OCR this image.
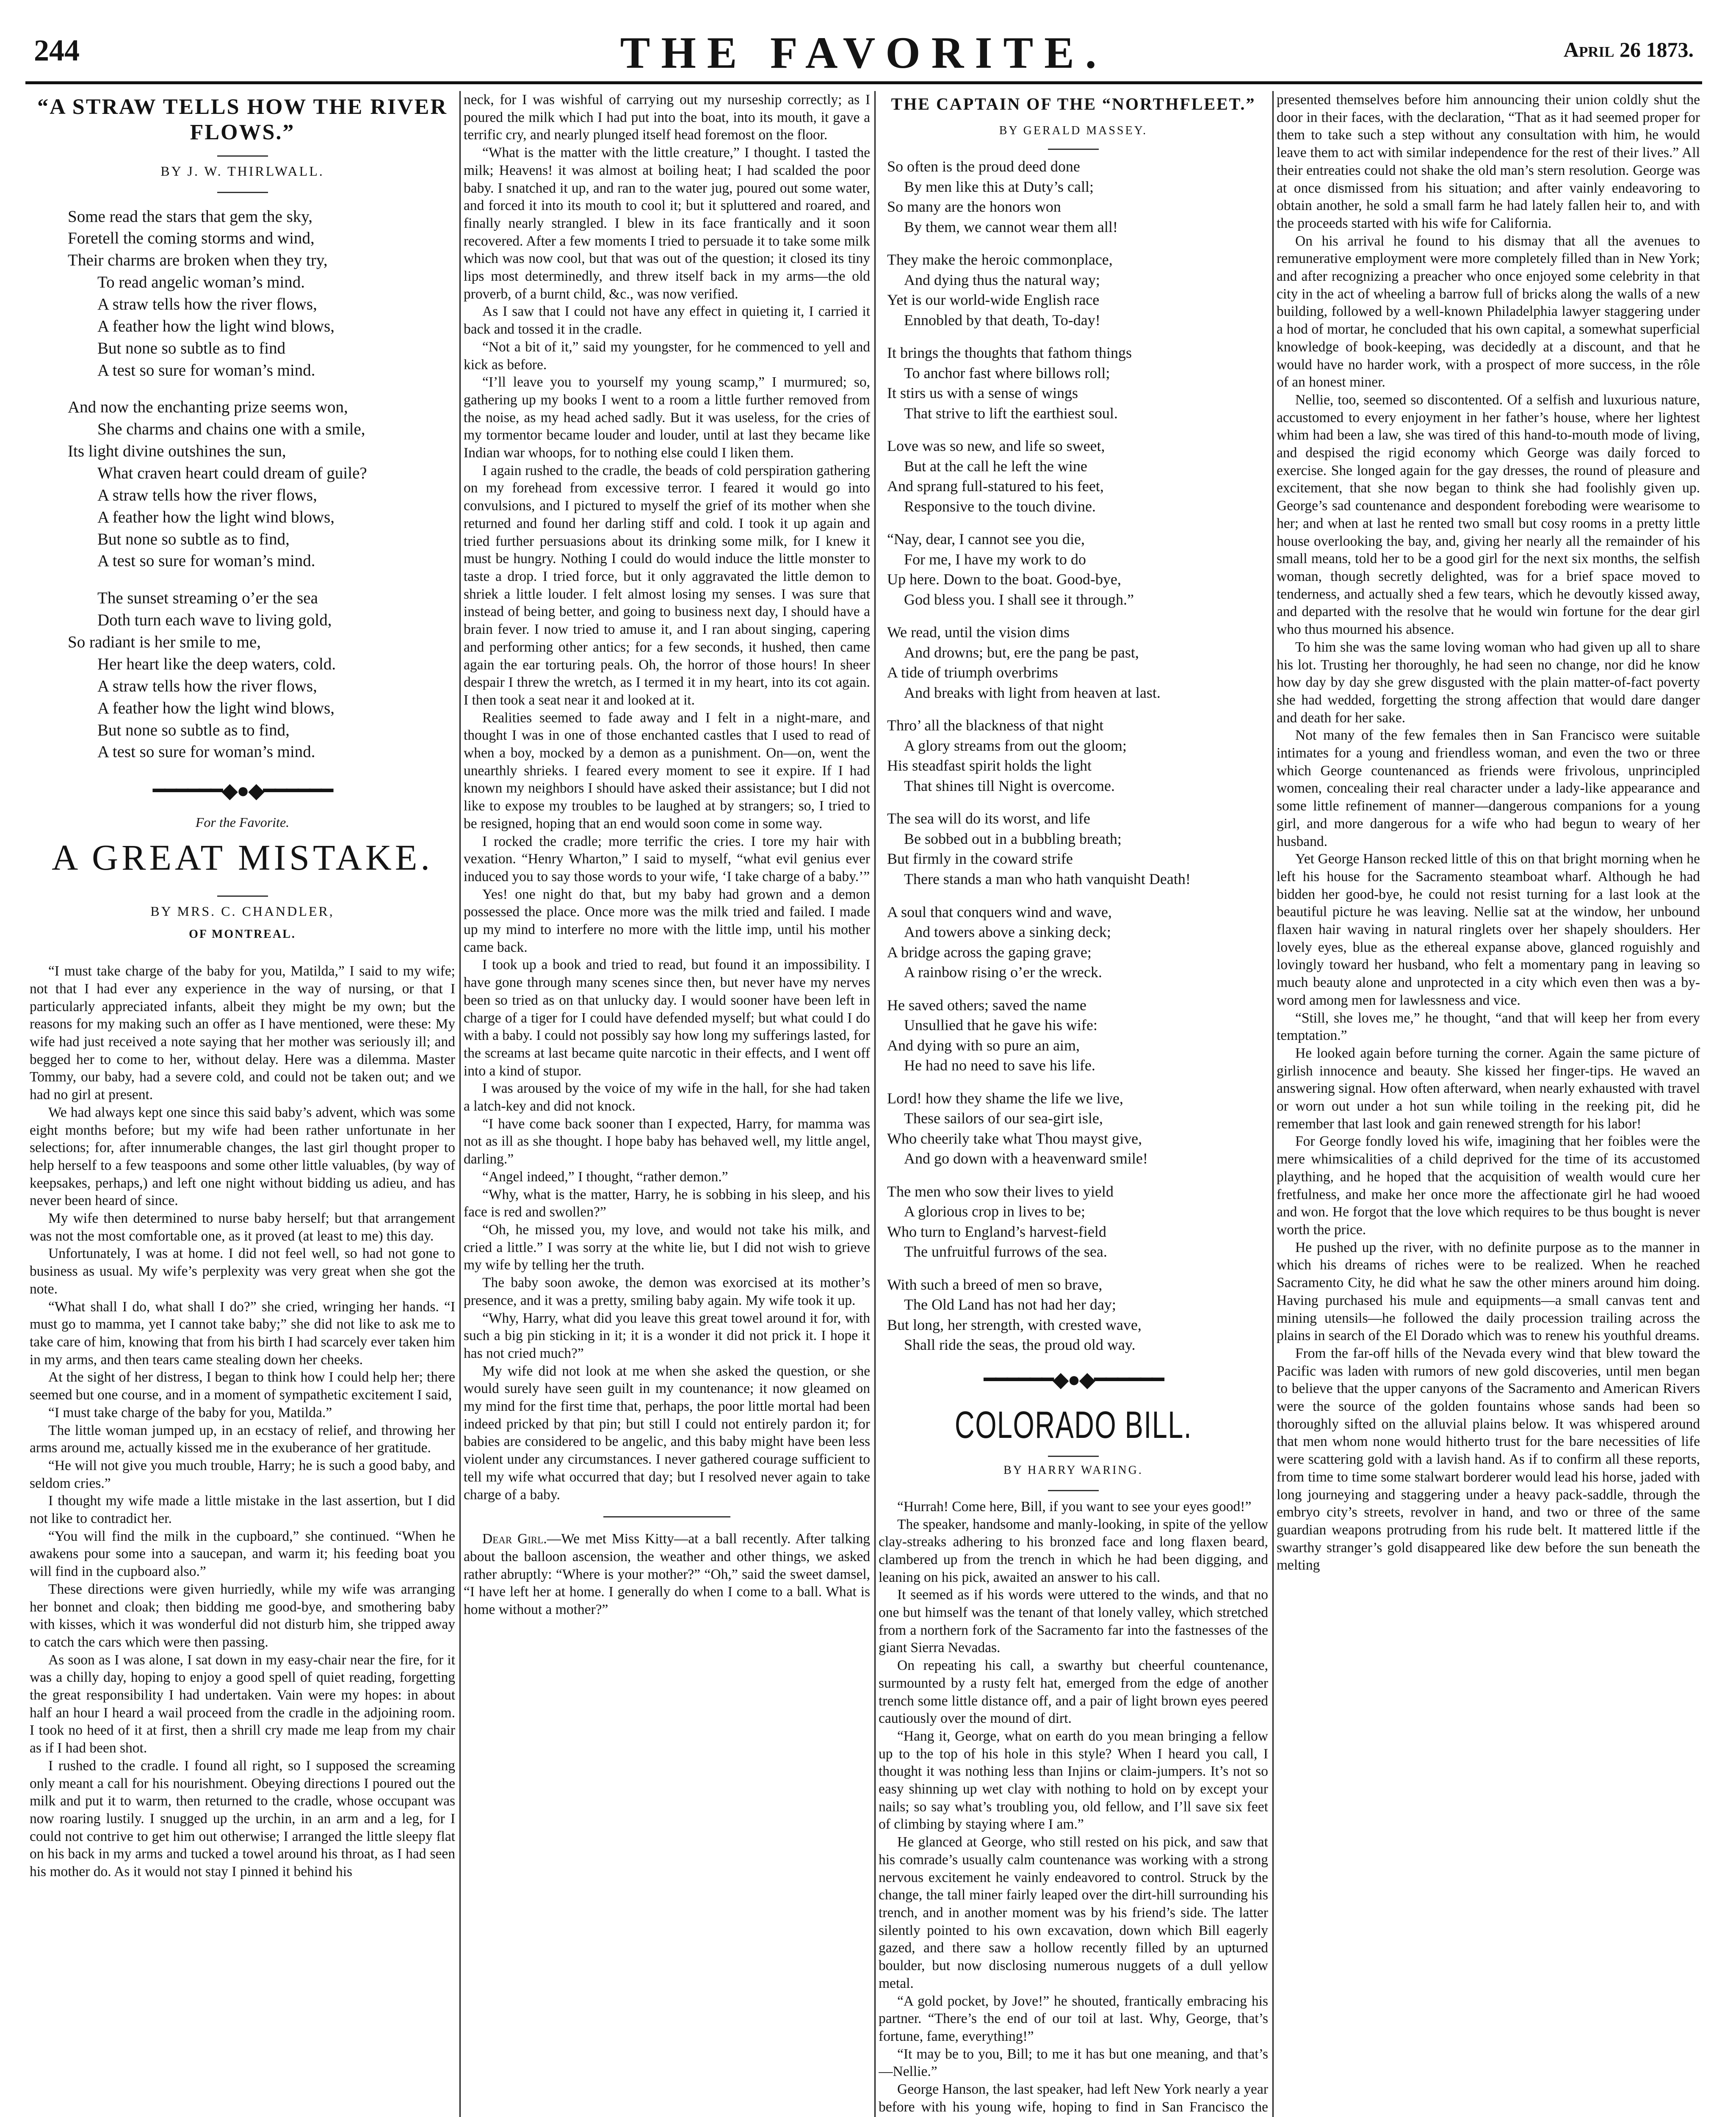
244	THE FAVORITE.	April 26 1873.
“A STRAW TELLS HOW THE RIVER FLOWS.”
BY J. W. THIRLWALL.

Some read the stars that gem the sky,
Foretell the coming storms and wind,
Their charms are broken when they try,
To read angelic woman’s mind.
A straw tells how the river flows,
A feather how the light wind blows,
But none so subtle as to find
A test so sure for woman’s mind.

And now the enchanting prize seems won,
She charms and chains one with a smile,
Its light divine outshines the sun,
What craven heart could dream of guile?
A straw tells how the river flows,
A feather how the light wind blows,
But none so subtle as to find,
A test so sure for woman’s mind.

The sunset streaming o’er the sea
Doth turn each wave to living gold,
So radiant is her smile to me,
Her heart like the deep waters, cold.
A straw tells how the river flows,
A feather how the light wind blows,
But none so subtle as to find,
A test so sure for woman’s mind.

━━━━━━◆●◆━━━━━━
For the Favorite.
A GREAT MISTAKE.
BY MRS. C. CHANDLER,
OF MONTREAL.

“I must take charge of the baby for you, Matilda,” I said to my wife; not that I had ever any experience in the way of nursing, or that I particularly appreciated infants, albeit they might be my own; but the reasons for my making such an offer as I have mentioned, were these: My wife had just received a note saying that her mother was seriously ill; and begged her to come to her, without delay. Here was a dilemma. Master Tommy, our baby, had a severe cold, and could not be taken out; and we had no girl at present.

We had always kept one since this said baby’s advent, which was some eight months before; but my wife had been rather unfortunate in her selections; for, after innumerable changes, the last girl thought proper to help herself to a few teaspoons and some other little valuables, (by way of keepsakes, perhaps,) and left one night without bidding us adieu, and has never been heard of since.

My wife then determined to nurse baby herself; but that arrangement was not the most comfortable one, as it proved (at least to me) this day.

Unfortunately, I was at home. I did not feel well, so had not gone to business as usual. My wife’s perplexity was very great when she got the note.

“What shall I do, what shall I do?” she cried, wringing her hands. “I must go to mamma, yet I cannot take baby;” she did not like to ask me to take care of him, knowing that from his birth I had scarcely ever taken him in my arms, and then tears came stealing down her cheeks.

At the sight of her distress, I began to think how I could help her; there seemed but one course, and in a moment of sympathetic excitement I said,

“I must take charge of the baby for you, Matilda.”

The little woman jumped up, in an ecstacy of relief, and throwing her arms around me, actually kissed me in the exuberance of her gratitude.

“He will not give you much trouble, Harry; he is such a good baby, and seldom cries.”

I thought my wife made a little mistake in the last assertion, but I did not like to contradict her.

“You will find the milk in the cupboard,” she continued. “When he awakens pour some into a saucepan, and warm it; his feeding boat you will find in the cupboard also.”

These directions were given hurriedly, while my wife was arranging her bonnet and cloak; then bidding me good-bye, and smothering baby with kisses, which it was wonderful did not disturb him, she tripped away to catch the cars which were then passing.

As soon as I was alone, I sat down in my easy-chair near the fire, for it was a chilly day, hoping to enjoy a good spell of quiet reading, forgetting the great responsibility I had undertaken. Vain were my hopes: in about half an hour I heard a wail proceed from the cradle in the adjoining room. I took no heed of it at first, then a shrill cry made me leap from my chair as if I had been shot.

I rushed to the cradle. I found all right, so I supposed the screaming only meant a call for his nourishment. Obeying directions I poured out the milk and put it to warm, then returned to the cradle, whose occupant was now roaring lustily. I snugged up the urchin, in an arm and a leg, for I could not contrive to get him out otherwise; I arranged the little sleepy flat on his back in my arms and tucked a towel around his throat, as I had seen his mother do. As it would not stay I pinned it behind his

neck, for I was wishful of carrying out my nurseship correctly; as I poured the milk which I had put into the boat, into its mouth, it gave a terrific cry, and nearly plunged itself head foremost on the floor.

“What is the matter with the little creature,” I thought. I tasted the milk; Heavens! it was almost at boiling heat; I had scalded the poor baby. I snatched it up, and ran to the water jug, poured out some water, and forced it into its mouth to cool it; but it spluttered and roared, and finally nearly strangled. I blew in its face frantically and it soon recovered. After a few moments I tried to persuade it to take some milk which was now cool, but that was out of the question; it closed its tiny lips most determinedly, and threw itself back in my arms—the old proverb, of a burnt child, &c., was now verified.

As I saw that I could not have any effect in quieting it, I carried it back and tossed it in the cradle.

“Not a bit of it,” said my youngster, for he commenced to yell and kick as before.

“I’ll leave you to yourself my young scamp,” I murmured; so, gathering up my books I went to a room a little further removed from the noise, as my head ached sadly. But it was useless, for the cries of my tormentor became louder and louder, until at last they became like Indian war whoops, for to nothing else could I liken them.

I again rushed to the cradle, the beads of cold perspiration gathering on my forehead from excessive terror. I feared it would go into convulsions, and I pictured to myself the grief of its mother when she returned and found her darling stiff and cold. I took it up again and tried further persuasions about its drinking some milk, for I knew it must be hungry. Nothing I could do would induce the little monster to taste a drop. I tried force, but it only aggravated the little demon to shriek a little louder. I felt almost losing my senses. I was sure that instead of being better, and going to business next day, I should have a brain fever. I now tried to amuse it, and I ran about singing, capering and performing other antics; for a few seconds, it hushed, then came again the ear torturing peals. Oh, the horror of those hours! In sheer despair I threw the wretch, as I termed it in my heart, into its cot again. I then took a seat near it and looked at it.

Realities seemed to fade away and I felt in a night-mare, and thought I was in one of those enchanted castles that I used to read of when a boy, mocked by a demon as a punishment. On—on, went the unearthly shrieks. I feared every moment to see it expire. If I had known my neighbors I should have asked their assistance; but I did not like to expose my troubles to be laughed at by strangers; so, I tried to be resigned, hoping that an end would soon come in some way.

I rocked the cradle; more terrific the cries. I tore my hair with vexation. “Henry Wharton,” I said to myself, “what evil genius ever induced you to say those words to your wife, ‘I take charge of a baby.’”

Yes! one night do that, but my baby had grown and a demon possessed the place. Once more was the milk tried and failed. I made up my mind to interfere no more with the little imp, until his mother came back.

I took up a book and tried to read, but found it an impossibility. I have gone through many scenes since then, but never have my nerves been so tried as on that unlucky day. I would sooner have been left in charge of a tiger for I could have defended myself; but what could I do with a baby. I could not possibly say how long my sufferings lasted, for the screams at last became quite narcotic in their effects, and I went off into a kind of stupor.

I was aroused by the voice of my wife in the hall, for she had taken a latch-key and did not knock.

“I have come back sooner than I expected, Harry, for mamma was not as ill as she thought. I hope baby has behaved well, my little angel, darling.”

“Angel indeed,” I thought, “rather demon.”

“Why, what is the matter, Harry, he is sobbing in his sleep, and his face is red and swollen?”

“Oh, he missed you, my love, and would not take his milk, and cried a little.” I was sorry at the white lie, but I did not wish to grieve my wife by telling her the truth.

The baby soon awoke, the demon was exorcised at its mother’s presence, and it was a pretty, smiling baby again. My wife took it up.

“Why, Harry, what did you leave this great towel around it for, with such a big pin sticking in it; it is a wonder it did not prick it. I hope it has not cried much?”

My wife did not look at me when she asked the question, or she would surely have seen guilt in my countenance; it now gleamed on my mind for the first time that, perhaps, the poor little mortal had been indeed pricked by that pin; but still I could not entirely pardon it; for babies are considered to be angelic, and this baby might have been less violent under any circumstances. I never gathered courage sufficient to tell my wife what occurred that day; but I resolved never again to take charge of a baby.

Dear Girl.—We met Miss Kitty—at a ball recently. After talking about the balloon ascension, the weather and other things, we asked rather abruptly: “Where is your mother?” “Oh,” said the sweet damsel, “I have left her at home. I generally do when I come to a ball. What is home without a mother?”

THE CAPTAIN OF THE “NORTHFLEET.”
BY GERALD MASSEY.

So often is the proud deed done
By men like this at Duty’s call;
So many are the honors won
By them, we cannot wear them all!

They make the heroic commonplace,
And dying thus the natural way;
Yet is our world-wide English race
Ennobled by that death, To-day!

It brings the thoughts that fathom things
To anchor fast where billows roll;
It stirs us with a sense of wings
That strive to lift the earthiest soul.

Love was so new, and life so sweet,
But at the call he left the wine
And sprang full-statured to his feet,
Responsive to the touch divine.

“Nay, dear, I cannot see you die,
For me, I have my work to do
Up here. Down to the boat. Good-bye,
God bless you. I shall see it through.”

We read, until the vision dims
And drowns; but, ere the pang be past,
A tide of triumph overbrims
And breaks with light from heaven at last.

Thro’ all the blackness of that night
A glory streams from out the gloom;
His steadfast spirit holds the light
That shines till Night is overcome.

The sea will do its worst, and life
Be sobbed out in a bubbling breath;
But firmly in the coward strife
There stands a man who hath vanquisht Death!

A soul that conquers wind and wave,
And towers above a sinking deck;
A bridge across the gaping grave;
A rainbow rising o’er the wreck.

He saved others; saved the name
Unsullied that he gave his wife:
And dying with so pure an aim,
He had no need to save his life.

Lord! how they shame the life we live,
These sailors of our sea-girt isle,
Who cheerily take what Thou mayst give,
And go down with a heavenward smile!

The men who sow their lives to yield
A glorious crop in lives to be;
Who turn to England’s harvest-field
The unfruitful furrows of the sea.

With such a breed of men so brave,
The Old Land has not had her day;
But long, her strength, with crested wave,
Shall ride the seas, the proud old way.

━━━━━━◆●◆━━━━━━
COLORADO BILL.
BY HARRY WARING.

“Hurrah! Come here, Bill, if you want to see your eyes good!”

The speaker, handsome and manly-looking, in spite of the yellow clay-streaks adhering to his bronzed face and long flaxen beard, clambered up from the trench in which he had been digging, and leaning on his pick, awaited an answer to his call.

It seemed as if his words were uttered to the winds, and that no one but himself was the tenant of that lonely valley, which stretched from a northern fork of the Sacramento far into the fastnesses of the giant Sierra Nevadas.

On repeating his call, a swarthy but cheerful countenance, surmounted by a rusty felt hat, emerged from the edge of another trench some little distance off, and a pair of light brown eyes peered cautiously over the mound of dirt.

“Hang it, George, what on earth do you mean bringing a fellow up to the top of his hole in this style? When I heard you call, I thought it was nothing less than Injins or claim-jumpers. It’s not so easy shinning up wet clay with nothing to hold on by except your nails; so say what’s troubling you, old fellow, and I’ll save six feet of climbing by staying where I am.”

He glanced at George, who still rested on his pick, and saw that his comrade’s usually calm countenance was working with a strong nervous excitement he vainly endeavored to control. Struck by the change, the tall miner fairly leaped over the dirt-hill surrounding his trench, and in another moment was by his friend’s side. The latter silently pointed to his own excavation, down which Bill eagerly gazed, and there saw a hollow recently filled by an upturned boulder, but now disclosing numerous nuggets of a dull yellow metal.

“A gold pocket, by Jove!” he shouted, frantically embracing his partner. “There’s the end of our toil at last. Why, George, that’s fortune, fame, everything!”

“It may be to you, Bill; to me it has but one meaning, and that’s—Nellie.”

George Hanson, the last speaker, had left New York nearly a year before with his young wife, hoping to find in San Francisco the

presented themselves before him announcing their union coldly shut the door in their faces, with the declaration, “That as it had seemed proper for them to take such a step without any consultation with him, he would leave them to act with similar independence for the rest of their lives.” All their entreaties could not shake the old man’s stern resolution. George was at once dismissed from his situation; and after vainly endeavoring to obtain another, he sold a small farm he had lately fallen heir to, and with the proceeds started with his wife for California.

On his arrival he found to his dismay that all the avenues to remunerative employment were more completely filled than in New York; and after recognizing a preacher who once enjoyed some celebrity in that city in the act of wheeling a barrow full of bricks along the walls of a new building, followed by a well-known Philadelphia lawyer staggering under a hod of mortar, he concluded that his own capital, a somewhat superficial knowledge of book-keeping, was decidedly at a discount, and that he would have no harder work, with a prospect of more success, in the rôle of an honest miner.

Nellie, too, seemed so discontented. Of a selfish and luxurious nature, accustomed to every enjoyment in her father’s house, where her lightest whim had been a law, she was tired of this hand-to-mouth mode of living, and despised the rigid economy which George was daily forced to exercise. She longed again for the gay dresses, the round of pleasure and excitement, that she now began to think she had foolishly given up. George’s sad countenance and despondent foreboding were wearisome to her; and when at last he rented two small but cosy rooms in a pretty little house overlooking the bay, and, giving her nearly all the remainder of his small means, told her to be a good girl for the next six months, the selfish woman, though secretly delighted, was for a brief space moved to tenderness, and actually shed a few tears, which he devoutly kissed away, and departed with the resolve that he would win fortune for the dear girl who thus mourned his absence.

To him she was the same loving woman who had given up all to share his lot. Trusting her thoroughly, he had seen no change, nor did he know how day by day she grew disgusted with the plain matter-of-fact poverty she had wedded, forgetting the strong affection that would dare danger and death for her sake.

Not many of the few females then in San Francisco were suitable intimates for a young and friendless woman, and even the two or three which George countenanced as friends were frivolous, unprincipled women, concealing their real character under a lady-like appearance and some little refinement of manner—dangerous companions for a young girl, and more dangerous for a wife who had begun to weary of her husband.

Yet George Hanson recked little of this on that bright morning when he left his house for the Sacramento steamboat wharf. Although he had bidden her good-bye, he could not resist turning for a last look at the beautiful picture he was leaving. Nellie sat at the window, her unbound flaxen hair waving in natural ringlets over her shapely shoulders. Her lovely eyes, blue as the ethereal expanse above, glanced roguishly and lovingly toward her husband, who felt a momentary pang in leaving so much beauty alone and unprotected in a city which even then was a by-word among men for lawlessness and vice.

“Still, she loves me,” he thought, “and that will keep her from every temptation.”

He looked again before turning the corner. Again the same picture of girlish innocence and beauty. She kissed her finger-tips. He waved an answering signal. How often afterward, when nearly exhausted with travel or worn out under a hot sun while toiling in the reeking pit, did he remember that last look and gain renewed strength for his labor!

For George fondly loved his wife, imagining that her foibles were the mere whimsicalities of a child deprived for the time of its accustomed plaything, and he hoped that the acquisition of wealth would cure her fretfulness, and make her once more the affectionate girl he had wooed and won. He forgot that the love which requires to be thus bought is never worth the price.

He pushed up the river, with no definite purpose as to the manner in which his dreams of riches were to be realized. When he reached Sacramento City, he did what he saw the other miners around him doing. Having purchased his mule and equipments—a small canvas tent and mining utensils—he followed the daily procession trailing across the plains in search of the El Dorado which was to renew his youthful dreams.

From the far-off hills of the Nevada every wind that blew toward the Pacific was laden with rumors of new gold discoveries, until men began to believe that the upper canyons of the Sacramento and American Rivers were the source of the golden fountains whose sands had been so thoroughly sifted on the alluvial plains below. It was whispered around that men whom none would hitherto trust for the bare necessities of life were scattering gold with a lavish hand. As if to confirm all these reports, from time to time some stalwart borderer would lead his horse, jaded with long journeying and staggering under a heavy pack-saddle, through the embryo city’s streets, revolver in hand, and two or three of the same guardian weapons protruding from his rude belt. It mattered little if the swarthy stranger’s gold disappeared like dew before the sun beneath the melting
